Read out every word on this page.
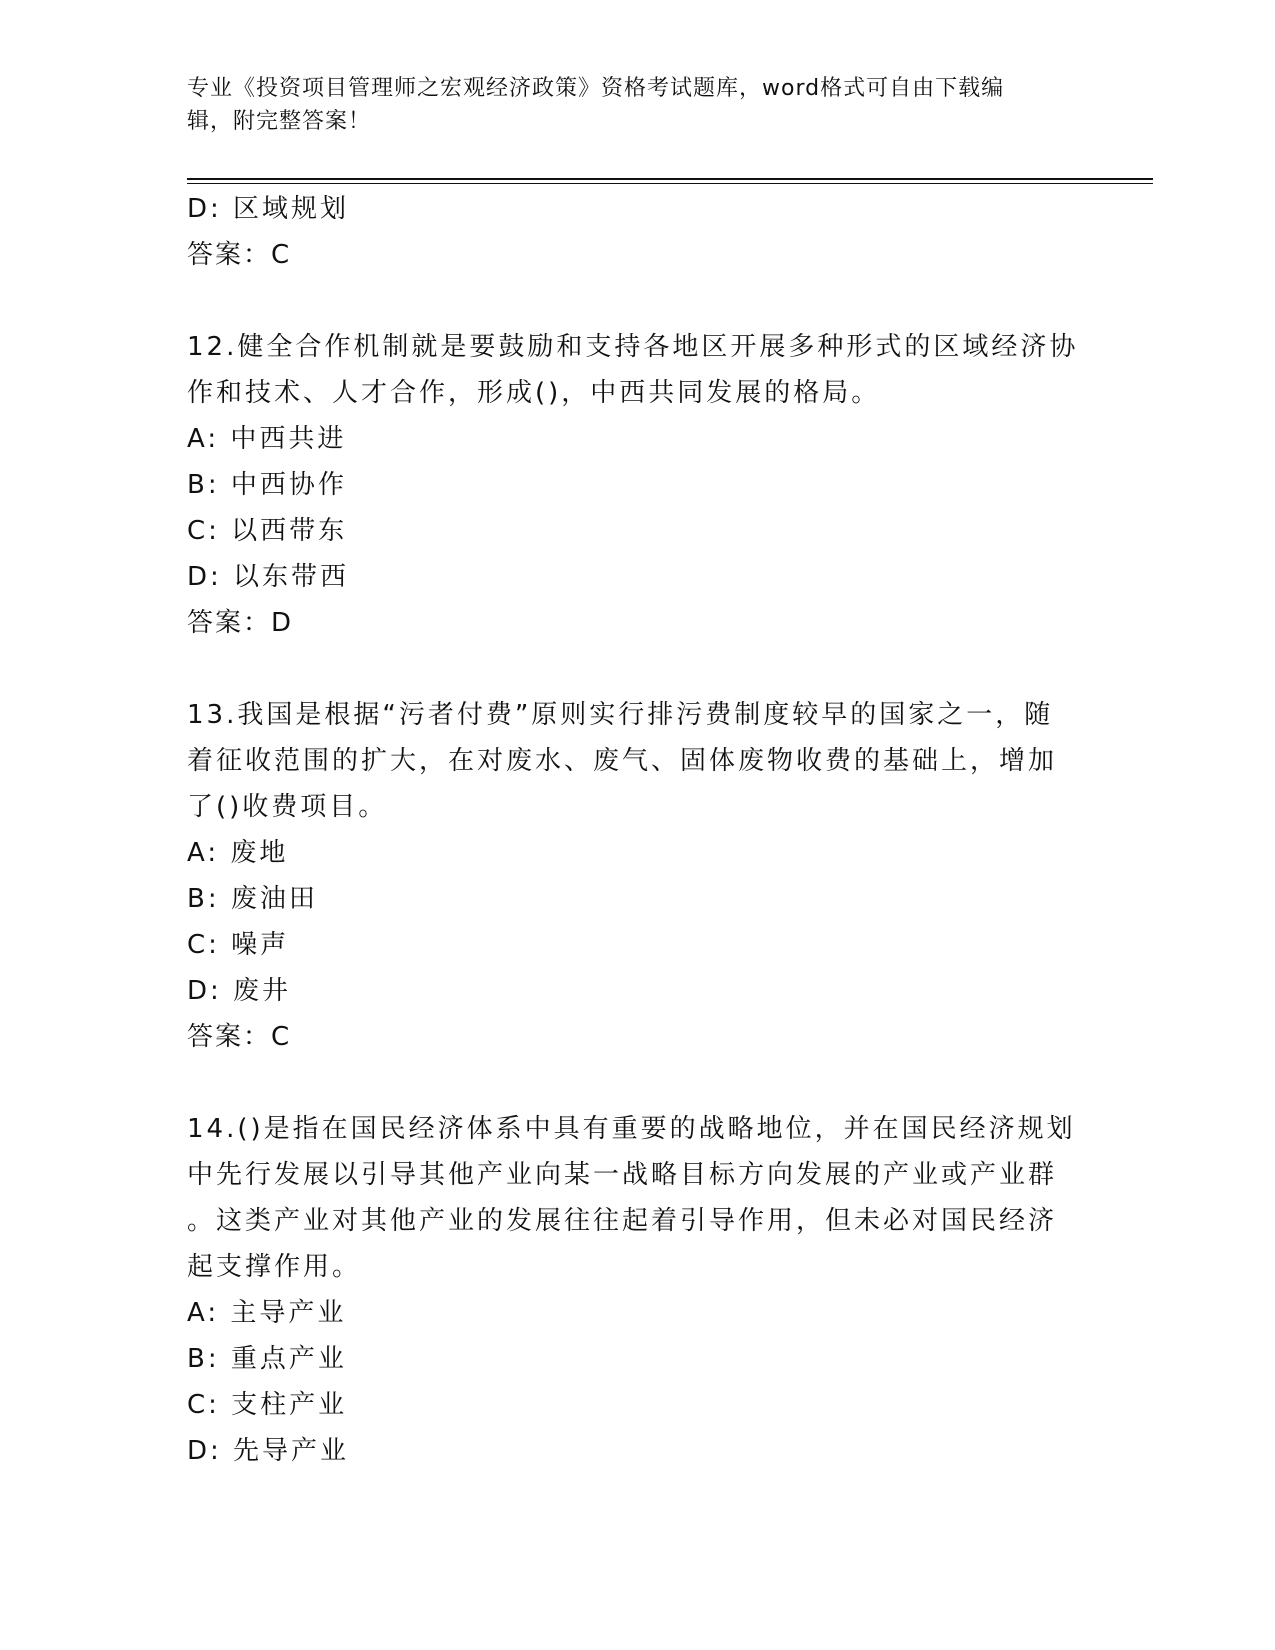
专业《投资项目管理师之宏观经济政策》资格考试题库，word格式可自由下载编
辑，附完整答案！
D: 区域规划
答案：C
12.健全合作机制就是要鼓励和支持各地区开展多种形式的区域经济协
作和技术、人才合作，形成()，中西共同发展的格局。
A: 中西共进
B: 中西协作
C: 以西带东
D: 以东带西
答案：D
13.我国是根据“污者付费”原则实行排污费制度较早的国家之一，随
着征收范围的扩大，在对废水、废气、固体废物收费的基础上，增加
了()收费项目。
A: 废地
B: 废油田
C: 噪声
D: 废井
答案：C
14.()是指在国民经济体系中具有重要的战略地位，并在国民经济规划
中先行发展以引导其他产业向某一战略目标方向发展的产业或产业群
。这类产业对其他产业的发展往往起着引导作用，但未必对国民经济
起支撑作用。
A: 主导产业
B: 重点产业
C: 支柱产业
D: 先导产业
